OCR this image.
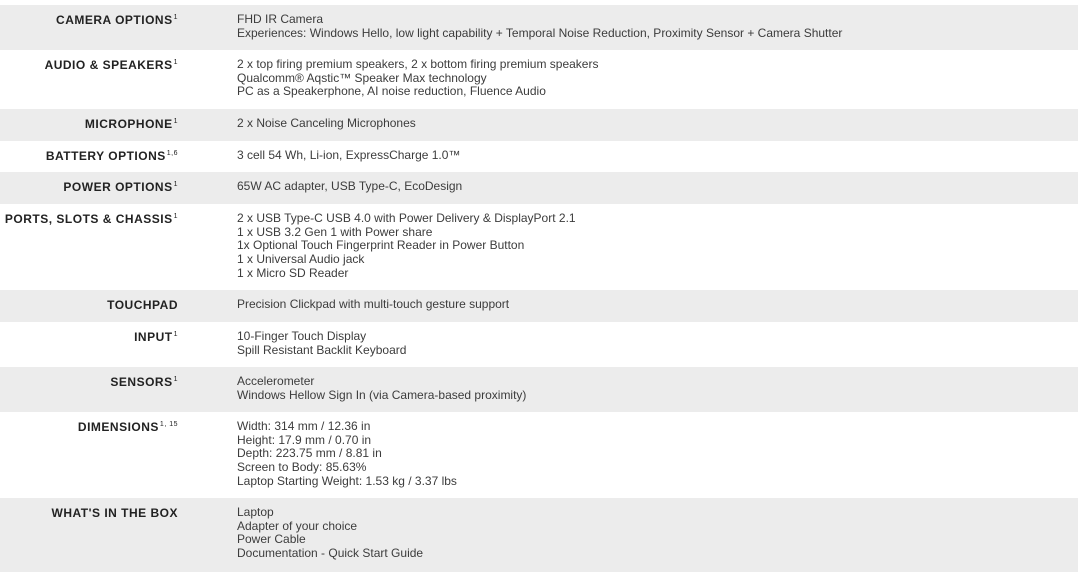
CAMERA OPTIONS$^1$	FHD IR Camera
Experiences: Windows Hello, low light capability + Temporal Noise Reduction, Proximity Sensor + Camera Shutter
AUDIO & SPEAKERS$^1$	2 x top firing premium speakers, 2 x bottom firing premium speakers
Qualcomm® Aqstic™ Speaker Max technology
PC as a Speakerphone, AI noise reduction, Fluence Audio
MICROPHONE$^1$	2 x Noise Canceling Microphones
BATTERY OPTIONS$^{1,6}$	3 cell 54 Wh, Li-ion, ExpressCharge 1.0™
POWER OPTIONS$^1$	65W AC adapter, USB Type-C, EcoDesign
PORTS, SLOTS & CHASSIS$^1$	2 x USB Type-C USB 4.0 with Power Delivery & DisplayPort 2.1
1 x USB 3.2 Gen 1 with Power share
1x Optional Touch Fingerprint Reader in Power Button
1 x Universal Audio jack
1 x Micro SD Reader
TOUCHPAD	Precision Clickpad with multi-touch gesture support
INPUT$^1$	10-Finger Touch Display
Spill Resistant Backlit Keyboard
SENSORS$^1$	Accelerometer
Windows Hellow Sign In (via Camera-based proximity)
DIMENSIONS$^{1, 15}$	Width: 314 mm / 12.36 in
Height: 17.9 mm / 0.70 in
Depth: 223.75 mm / 8.81 in
Screen to Body: 85.63%
Laptop Starting Weight: 1.53 kg / 3.37 lbs
WHAT'S IN THE BOX	Laptop
Adapter of your choice
Power Cable
Documentation - Quick Start Guide
